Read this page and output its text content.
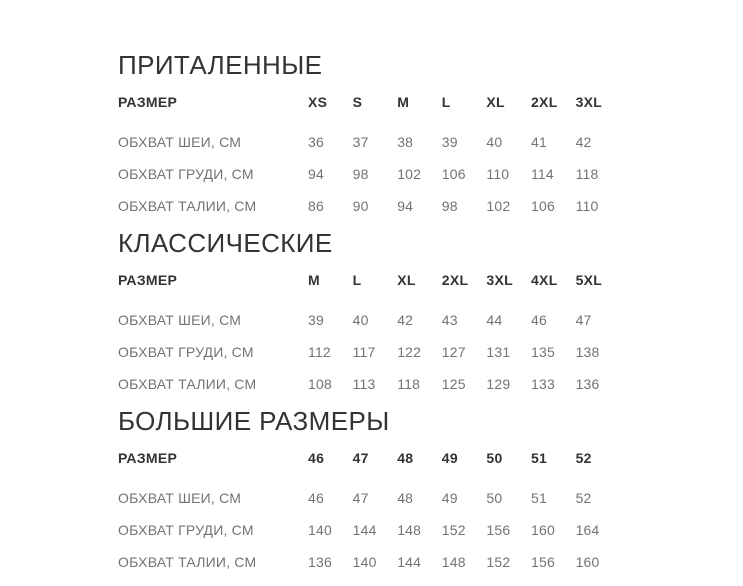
ПРИТАЛЕННЫЕ
РАЗМЕР	XS	S	M	L	XL	2XL	3XL
ОБХВАТ ШЕИ, СМ	36	37	38	39	40	41	42
ОБХВАТ ГРУДИ, СМ	94	98	102	106	110	114	118
ОБХВАТ ТАЛИИ, СМ	86	90	94	98	102	106	110
КЛАССИЧЕСКИЕ
РАЗМЕР	M	L	XL	2XL	3XL	4XL	5XL
ОБХВАТ ШЕИ, СМ	39	40	42	43	44	46	47
ОБХВАТ ГРУДИ, СМ	112	117	122	127	131	135	138
ОБХВАТ ТАЛИИ, СМ	108	113	118	125	129	133	136
БОЛЬШИЕ РАЗМЕРЫ
РАЗМЕР	46	47	48	49	50	51	52
ОБХВАТ ШЕИ, СМ	46	47	48	49	50	51	52
ОБХВАТ ГРУДИ, СМ	140	144	148	152	156	160	164
ОБХВАТ ТАЛИИ, СМ	136	140	144	148	152	156	160
